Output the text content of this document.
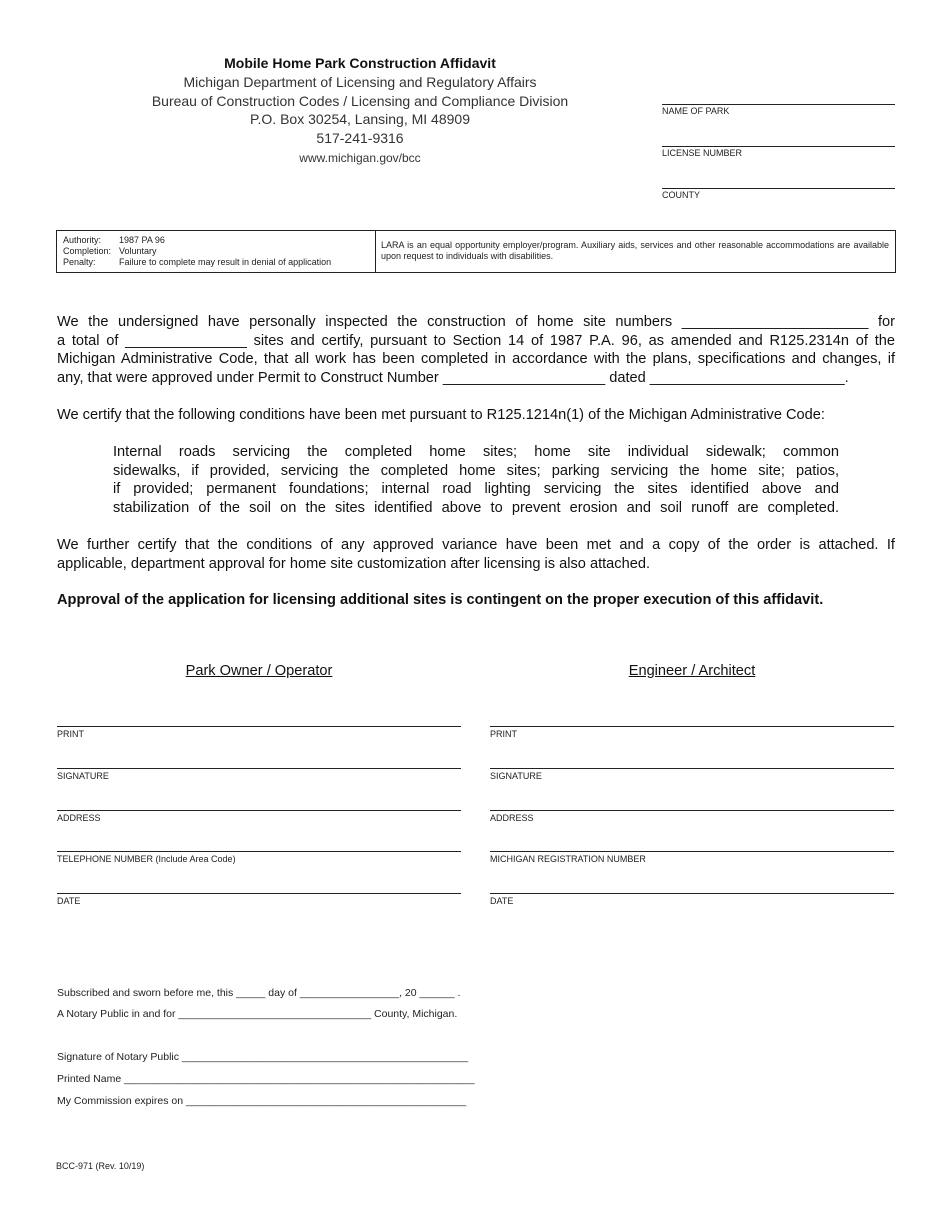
Mobile Home Park Construction Affidavit
Michigan Department of Licensing and Regulatory Affairs
Bureau of Construction Codes / Licensing and Compliance Division
P.O. Box 30254, Lansing, MI 48909
517-241-9316
www.michigan.gov/bcc
NAME OF PARK
LICENSE NUMBER
COUNTY
Authority: 1987 PA 96
Completion: Voluntary
Penalty:	Failure to complete may result in denial of application
LARA is an equal opportunity employer/program. Auxiliary aids, services and other reasonable accommodations are available upon request to individuals with disabilities.
We the undersigned have personally inspected the construction of home site numbers _______________________ for
a total of _______________ sites and certify, pursuant to Section 14 of 1987 P.A. 96, as amended and R125.2314n of the
Michigan Administrative Code, that all work has been completed in accordance with the plans, specifications and changes, if
any, that were approved under Permit to Construct Number ____________________ dated ________________________.
We certify that the following conditions have been met pursuant to R125.1214n(1) of the Michigan Administrative Code:
Internal roads servicing the completed home sites; home site individual sidewalk; common
sidewalks, if provided, servicing the completed home sites; parking servicing the home site; patios,
if provided; permanent foundations; internal road lighting servicing the sites identified above and
stabilization of the soil on the sites identified above to prevent erosion and soil runoff are completed.
We further certify that the conditions of any approved variance have been met and a copy of the order is attached. If
applicable, department approval for home site customization after licensing is also attached.
Approval of the application for licensing additional sites is contingent on the proper execution of this affidavit.
Park Owner / Operator	Engineer / Architect
PRINT
SIGNATURE
ADDRESS
TELEPHONE NUMBER (Include Area Code)
DATE
PRINT
SIGNATURE
ADDRESS
MICHIGAN REGISTRATION NUMBER
DATE
Subscribed and sworn before me, this _____ day of _________________, 20 ______ .
A Notary Public in and for _________________________________ County, Michigan.
Signature of Notary Public _________________________________________________
Printed Name ____________________________________________________________
My Commission expires on ________________________________________________
BCC-971 (Rev. 10/19)
